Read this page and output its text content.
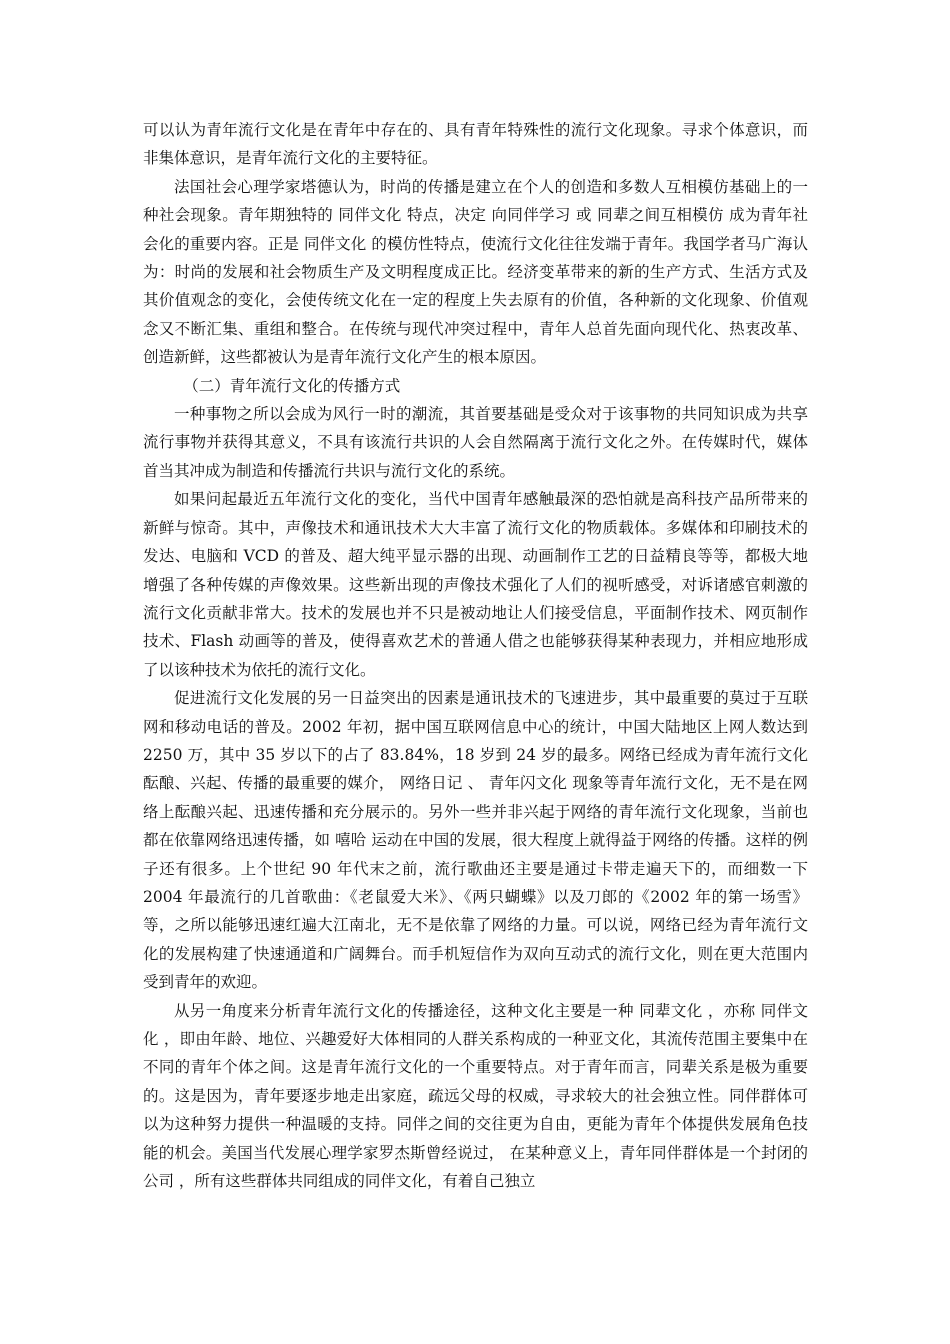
可以认为青年流行文化是在青年中存在的、具有青年特殊性的流行文化现象。寻求个体意识，而非集体意识，是青年流行文化的主要特征。

法国社会心理学家塔德认为，时尚的传播是建立在个人的创造和多数人互相模仿基础上的一种社会现象。青年期独特的 同伴文化 特点，决定 向同伴学习 或 同辈之间互相模仿 成为青年社会化的重要内容。正是 同伴文化 的模仿性特点，使流行文化往往发端于青年。我国学者马广海认为：时尚的发展和社会物质生产及文明程度成正比。经济变革带来的新的生产方式、生活方式及其价值观念的变化，会使传统文化在一定的程度上失去原有的价值，各种新的文化现象、价值观念又不断汇集、重组和整合。在传统与现代冲突过程中，青年人总首先面向现代化、热衷改革、创造新鲜，这些都被认为是青年流行文化产生的根本原因。

（二）青年流行文化的传播方式

一种事物之所以会成为风行一时的潮流，其首要基础是受众对于该事物的共同知识成为共享流行事物并获得其意义，不具有该流行共识的人会自然隔离于流行文化之外。在传媒时代，媒体首当其冲成为制造和传播流行共识与流行文化的系统。

如果问起最近五年流行文化的变化，当代中国青年感触最深的恐怕就是高科技产品所带来的新鲜与惊奇。其中，声像技术和通讯技术大大丰富了流行文化的物质载体。多媒体和印刷技术的发达、电脑和 VCD 的普及、超大纯平显示器的出现、动画制作工艺的日益精良等等，都极大地增强了各种传媒的声像效果。这些新出现的声像技术强化了人们的视听感受，对诉诸感官刺激的流行文化贡献非常大。技术的发展也并不只是被动地让人们接受信息，平面制作技术、网页制作技术、Flash 动画等的普及，使得喜欢艺术的普通人借之也能够获得某种表现力，并相应地形成了以该种技术为依托的流行文化。

促进流行文化发展的另一日益突出的因素是通讯技术的飞速进步，其中最重要的莫过于互联网和移动电话的普及。2002 年初，据中国互联网信息中心的统计，中国大陆地区上网人数达到 2250 万，其中 35 岁以下的占了 83.84%，18 岁到 24 岁的最多。网络已经成为青年流行文化酝酿、兴起、传播的最重要的媒介， 网络日记 、 青年闪文化 现象等青年流行文化，无不是在网络上酝酿兴起、迅速传播和充分展示的。另外一些并非兴起于网络的青年流行文化现象，当前也都在依靠网络迅速传播，如 嘻哈 运动在中国的发展，很大程度上就得益于网络的传播。这样的例子还有很多。上个世纪 90 年代末之前，流行歌曲还主要是通过卡带走遍天下的，而细数一下 2004 年最流行的几首歌曲：《老鼠爱大米》、《两只蝴蝶》以及刀郎的《2002 年的第一场雪》等，之所以能够迅速红遍大江南北，无不是依靠了网络的力量。可以说，网络已经为青年流行文化的发展构建了快速通道和广阔舞台。而手机短信作为双向互动式的流行文化，则在更大范围内受到青年的欢迎。

从另一角度来分析青年流行文化的传播途径，这种文化主要是一种 同辈文化 ，亦称 同伴文化 ，即由年龄、地位、兴趣爱好大体相同的人群关系构成的一种亚文化，其流传范围主要集中在不同的青年个体之间。这是青年流行文化的一个重要特点。对于青年而言，同辈关系是极为重要的。这是因为，青年要逐步地走出家庭，疏远父母的权威，寻求较大的社会独立性。同伴群体可以为这种努力提供一种温暖的支持。同伴之间的交往更为自由，更能为青年个体提供发展角色技能的机会。美国当代发展心理学家罗杰斯曾经说过， 在某种意义上，青年同伴群体是一个封闭的公司 ，所有这些群体共同组成的同伴文化，有着自己独立
